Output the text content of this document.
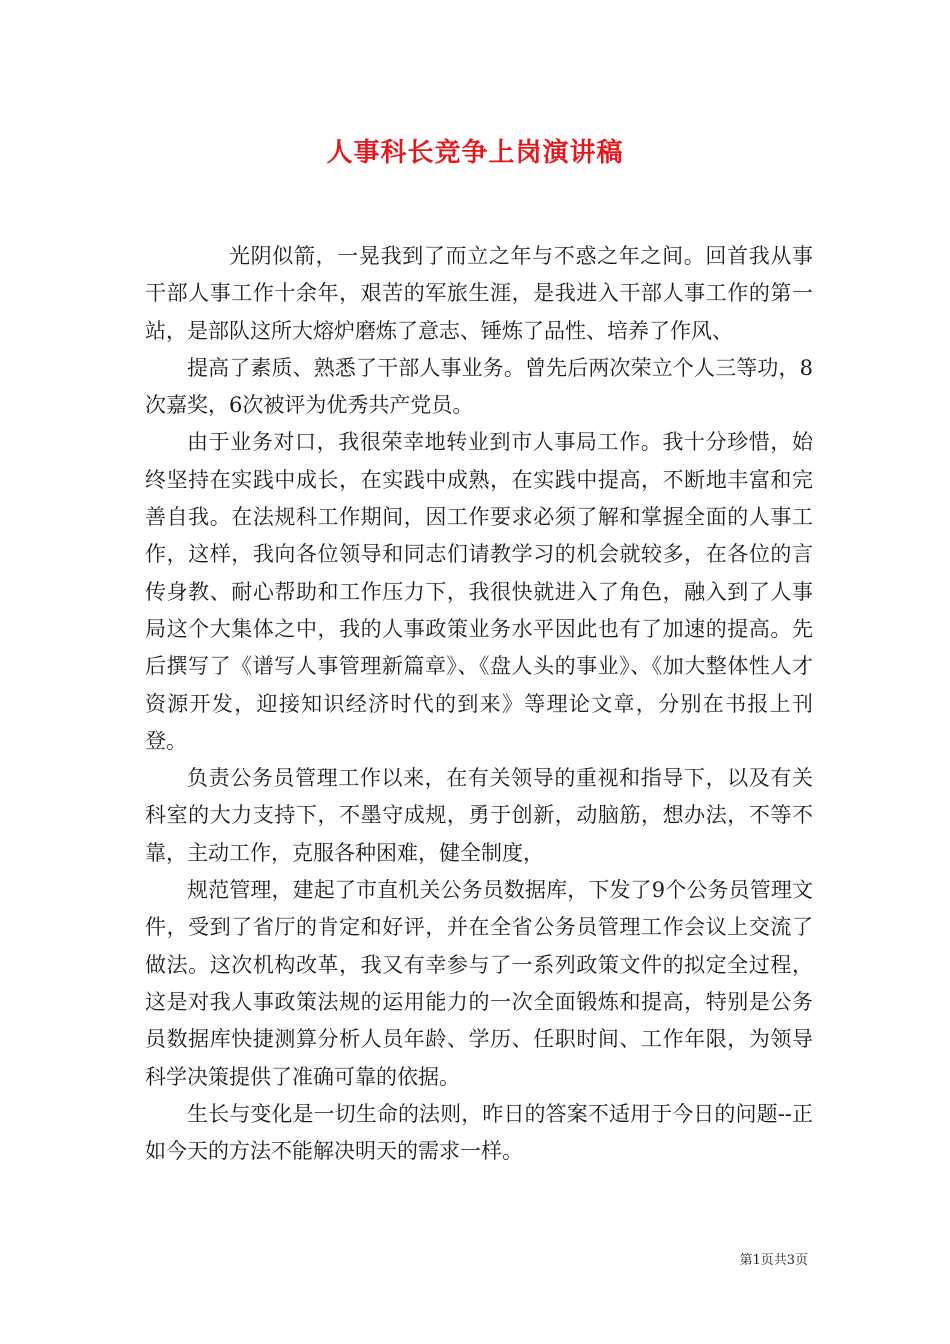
人事科长竞争上岗演讲稿

光阴似箭，一晃我到了而立之年与不惑之年之间。回首我从事干部人事工作十余年，艰苦的军旅生涯，是我进入干部人事工作的第一站，是部队这所大熔炉磨炼了意志、锤炼了品性、培养了作风、

提高了素质、熟悉了干部人事业务。曾先后两次荣立个人三等功，8次嘉奖，6次被评为优秀共产党员。

由于业务对口，我很荣幸地转业到市人事局工作。我十分珍惜，始终坚持在实践中成长，在实践中成熟，在实践中提高，不断地丰富和完善自我。在法规科工作期间，因工作要求必须了解和掌握全面的人事工作，这样，我向各位领导和同志们请教学习的机会就较多，在各位的言传身教、耐心帮助和工作压力下，我很快就进入了角色，融入到了人事局这个大集体之中，我的人事政策业务水平因此也有了加速的提高。先后撰写了《谱写人事管理新篇章》、《盘人头的事业》、《加大整体性人才资源开发，迎接知识经济时代的到来》等理论文章，分别在书报上刊登。

负责公务员管理工作以来，在有关领导的重视和指导下，以及有关科室的大力支持下，不墨守成规，勇于创新，动脑筋，想办法，不等不靠，主动工作，克服各种困难，健全制度，

规范管理，建起了市直机关公务员数据库，下发了9个公务员管理文件，受到了省厅的肯定和好评，并在全省公务员管理工作会议上交流了做法。这次机构改革，我又有幸参与了一系列政策文件的拟定全过程，这是对我人事政策法规的运用能力的一次全面锻炼和提高，特别是公务员数据库快捷测算分析人员年龄、学历、任职时间、工作年限，为领导科学决策提供了准确可靠的依据。

生长与变化是一切生命的法则，昨日的答案不适用于今日的问题--正如今天的方法不能解决明天的需求一样。

第1页共3页
